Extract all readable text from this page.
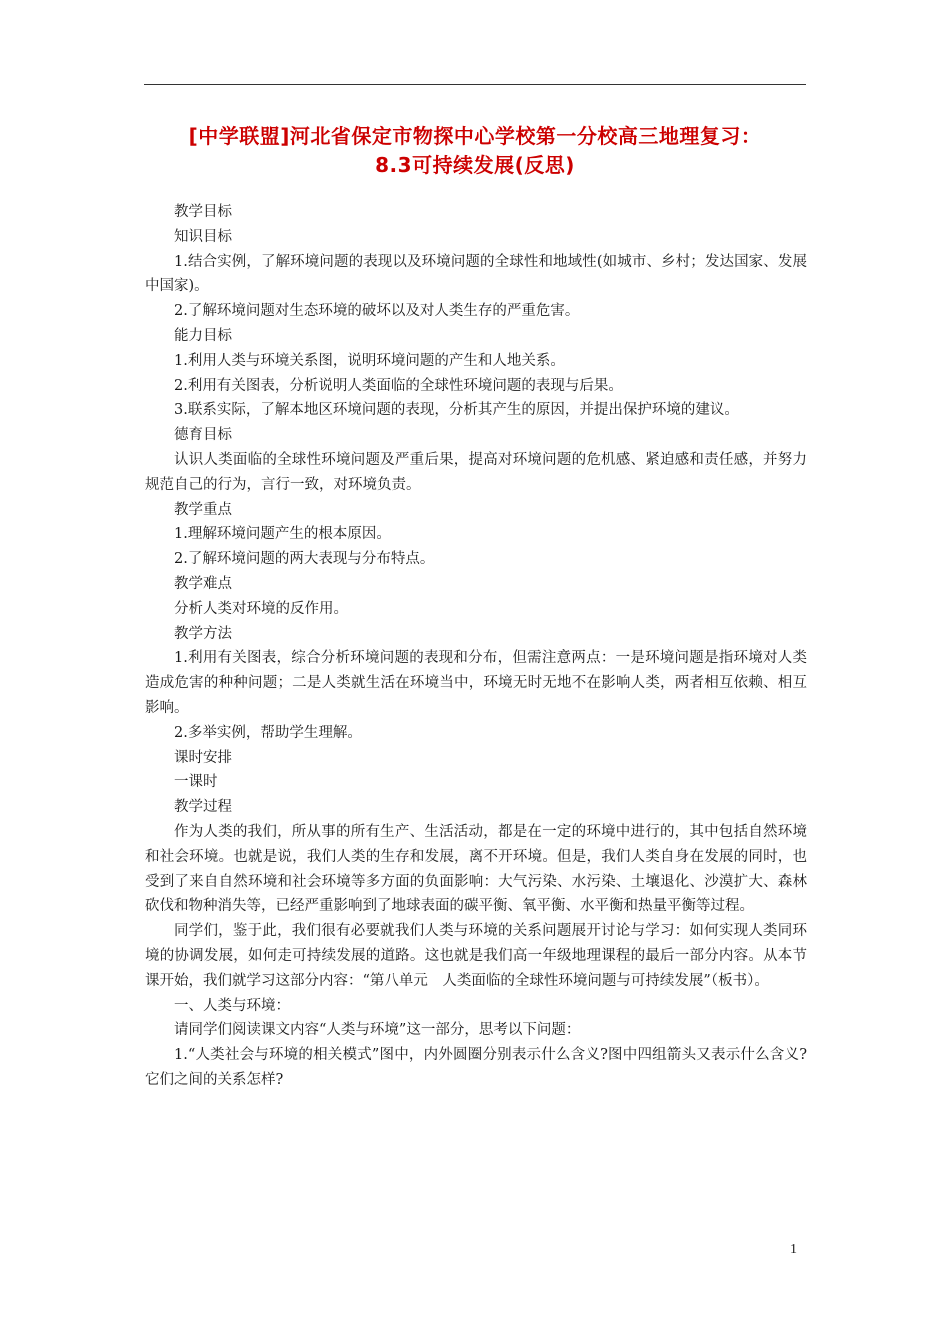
[中学联盟]河北省保定市物探中心学校第一分校高三地理复习：
8.3可持续发展(反思)

教学目标

知识目标

1.结合实例，了解环境问题的表现以及环境问题的全球性和地域性(如城市、乡村；发达国家、发展中国家)。

2.了解环境问题对生态环境的破坏以及对人类生存的严重危害。

能力目标

1.利用人类与环境关系图，说明环境问题的产生和人地关系。

2.利用有关图表，分析说明人类面临的全球性环境问题的表现与后果。

3.联系实际，了解本地区环境问题的表现，分析其产生的原因，并提出保护环境的建议。

德育目标

认识人类面临的全球性环境问题及严重后果，提高对环境问题的危机感、紧迫感和责任感，并努力规范自己的行为，言行一致，对环境负责。

教学重点

1.理解环境问题产生的根本原因。

2.了解环境问题的两大表现与分布特点。

教学难点

分析人类对环境的反作用。

教学方法

1.利用有关图表，综合分析环境问题的表现和分布，但需注意两点：一是环境问题是指环境对人类造成危害的种种问题；二是人类就生活在环境当中，环境无时无地不在影响人类，两者相互依赖、相互影响。

2.多举实例，帮助学生理解。

课时安排

一课时

教学过程

作为人类的我们，所从事的所有生产、生活活动，都是在一定的环境中进行的，其中包括自然环境和社会环境。也就是说，我们人类的生存和发展，离不开环境。但是，我们人类自身在发展的同时，也受到了来自自然环境和社会环境等多方面的负面影响：大气污染、水污染、土壤退化、沙漠扩大、森林砍伐和物种消失等，已经严重影响到了地球表面的碳平衡、氧平衡、水平衡和热量平衡等过程。

同学们，鉴于此，我们很有必要就我们人类与环境的关系问题展开讨论与学习：如何实现人类同环境的协调发展，如何走可持续发展的道路。这也就是我们高一年级地理课程的最后一部分内容。从本节课开始，我们就学习这部分内容：“第八单元　人类面临的全球性环境问题与可持续发展”（板书）。

一、人类与环境：

请同学们阅读课文内容“人类与环境”这一部分，思考以下问题：

1.“人类社会与环境的相关模式”图中，内外圆圈分别表示什么含义?图中四组箭头又表示什么含义?它们之间的关系怎样?

1
